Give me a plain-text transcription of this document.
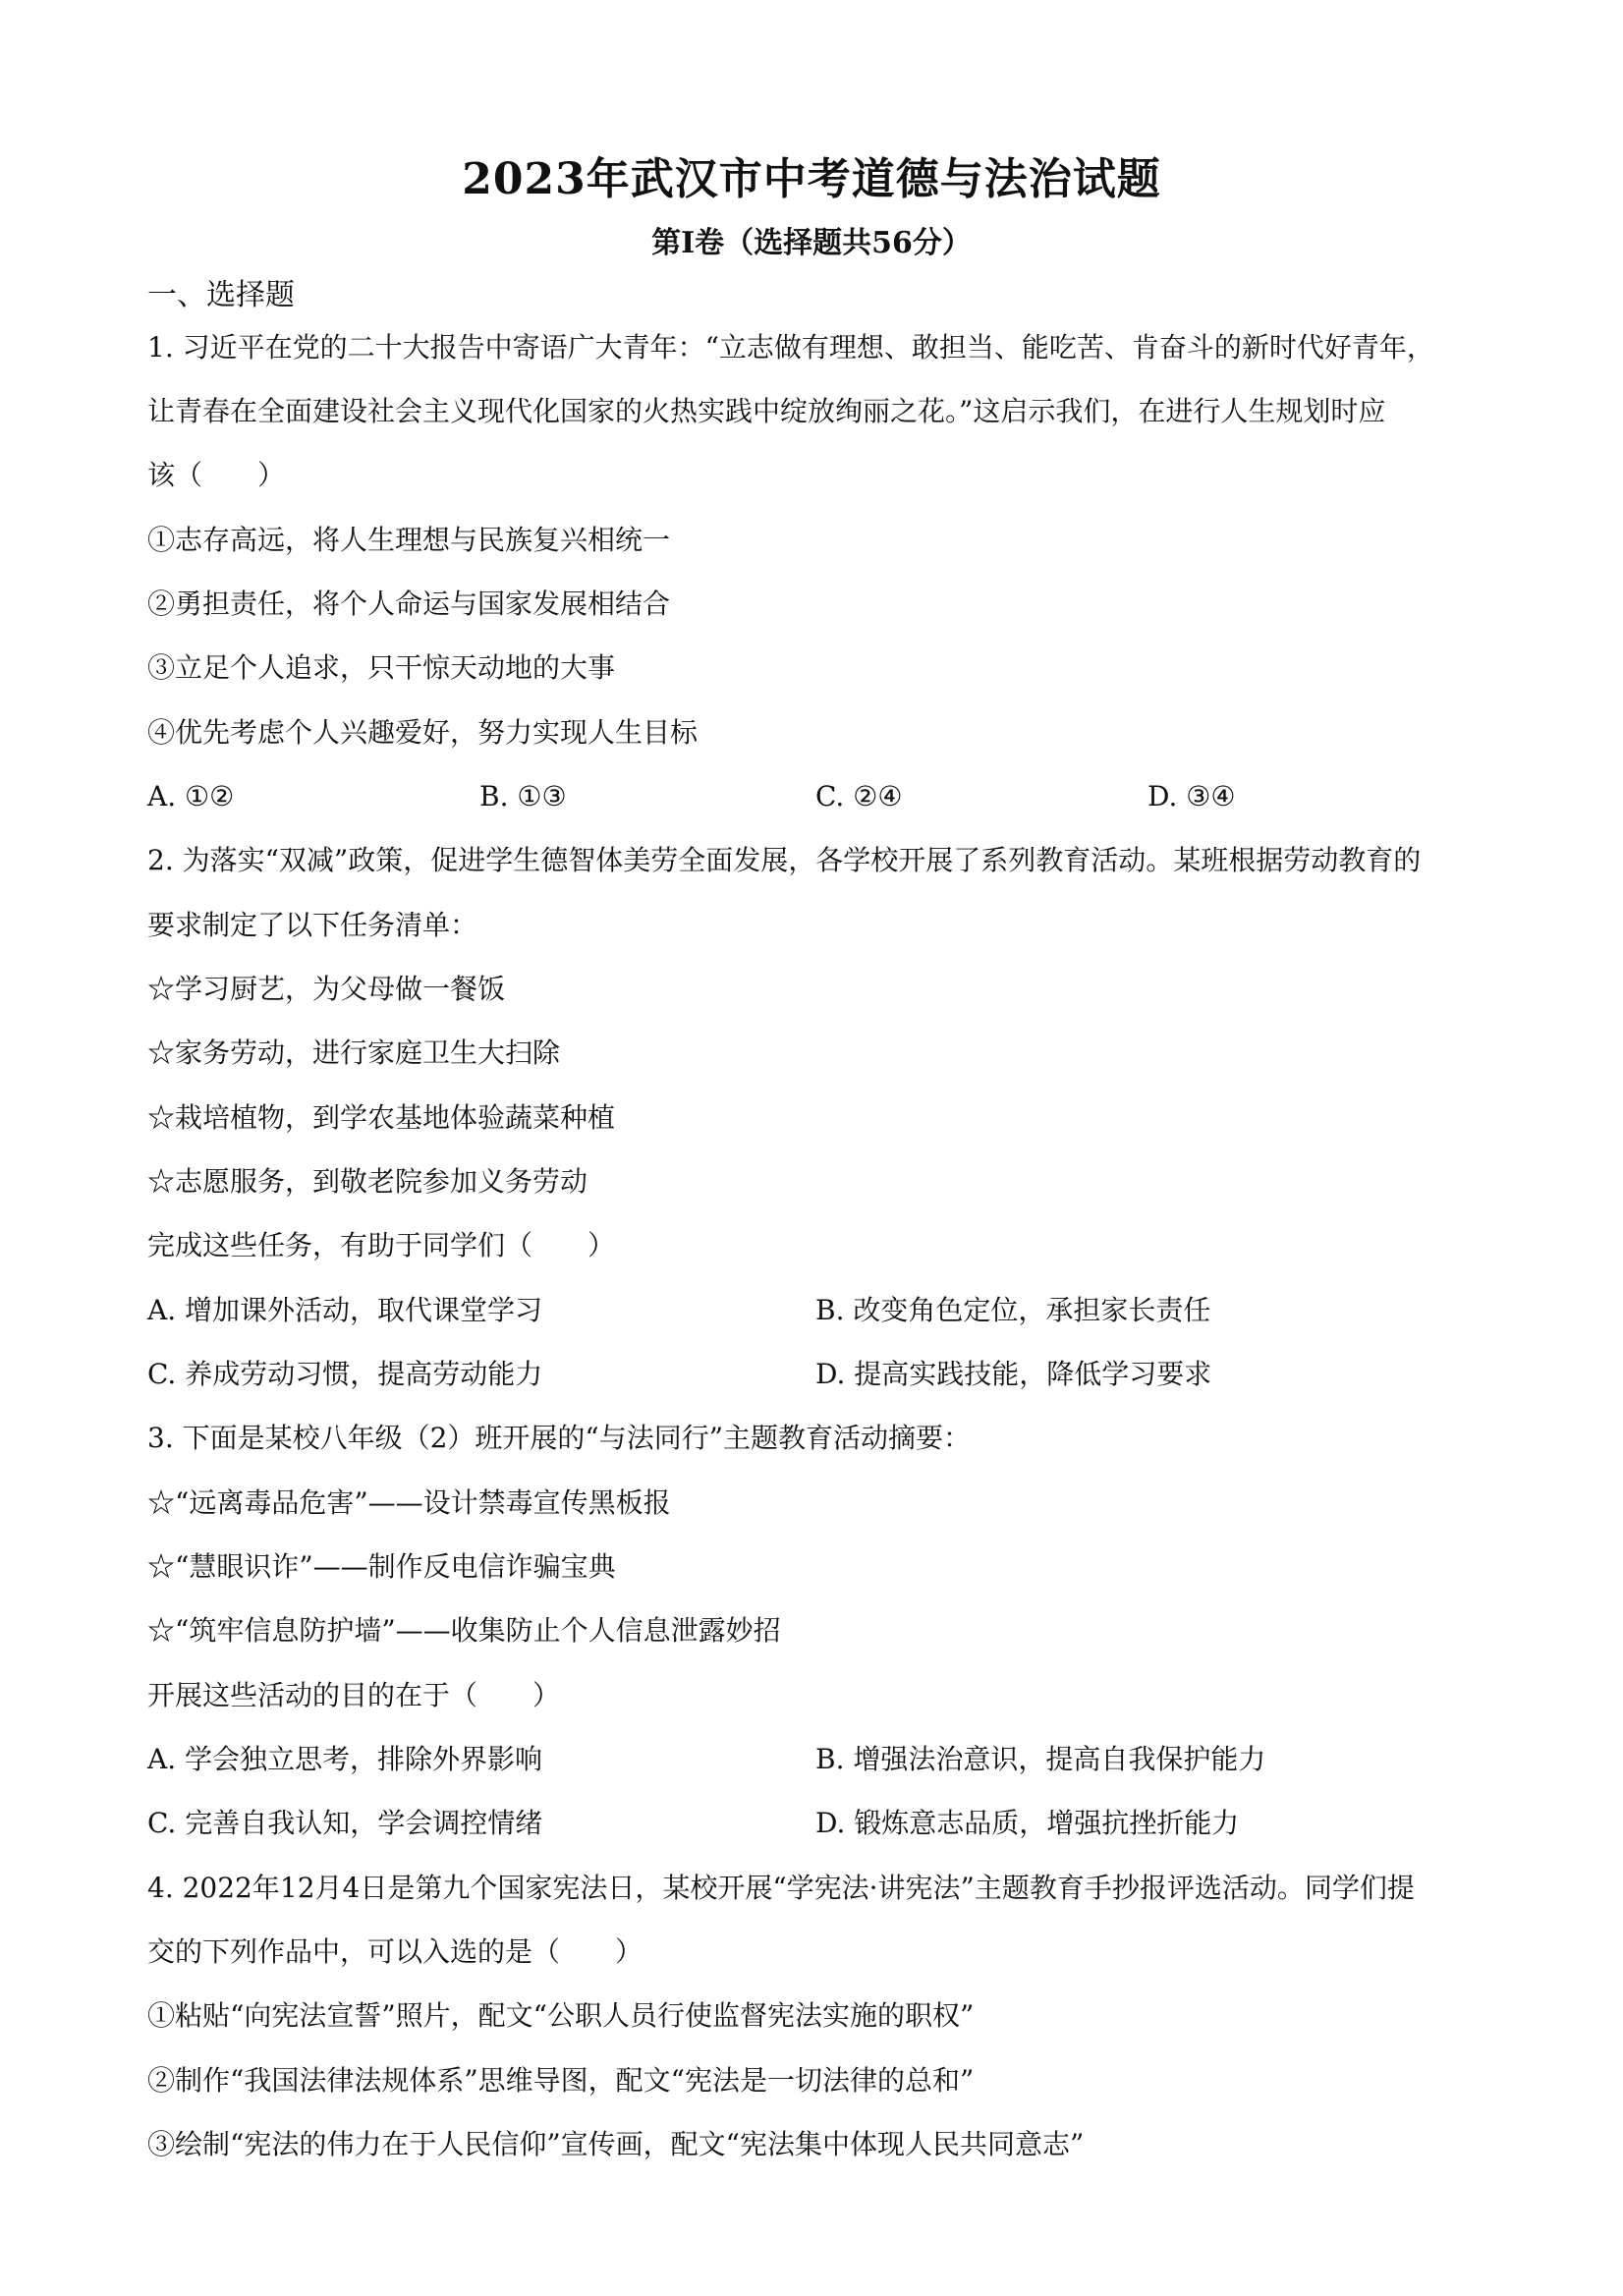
2023年武汉市中考道德与法治试题
第Ⅰ卷（选择题共56分）
一、选择题
1. 习近平在党的二十大报告中寄语广大青年：“立志做有理想、敢担当、能吃苦、肯奋斗的新时代好青年，
让青春在全面建设社会主义现代化国家的火热实践中绽放绚丽之花。”这启示我们，在进行人生规划时应
该（　　）
①志存高远，将人生理想与民族复兴相统一
②勇担责任，将个人命运与国家发展相结合
③立足个人追求，只干惊天动地的大事
④优先考虑个人兴趣爱好，努力实现人生目标
A. ①②	B. ①③	C. ②④	D. ③④
2. 为落实“双减”政策，促进学生德智体美劳全面发展，各学校开展了系列教育活动。某班根据劳动教育的
要求制定了以下任务清单：
☆学习厨艺，为父母做一餐饭
☆家务劳动，进行家庭卫生大扫除
☆栽培植物，到学农基地体验蔬菜种植
☆志愿服务，到敬老院参加义务劳动
完成这些任务，有助于同学们（　　）
A. 增加课外活动，取代课堂学习	B. 改变角色定位，承担家长责任
C. 养成劳动习惯，提高劳动能力	D. 提高实践技能，降低学习要求
3. 下面是某校八年级（2）班开展的“与法同行”主题教育活动摘要：
☆“远离毒品危害”——设计禁毒宣传黑板报
☆“慧眼识诈”——制作反电信诈骗宝典
☆“筑牢信息防护墙”——收集防止个人信息泄露妙招
开展这些活动的目的在于（　　）
A. 学会独立思考，排除外界影响	B. 增强法治意识，提高自我保护能力
C. 完善自我认知，学会调控情绪	D. 锻炼意志品质，增强抗挫折能力
4. 2022年12月4日是第九个国家宪法日，某校开展“学宪法·讲宪法”主题教育手抄报评选活动。同学们提
交的下列作品中，可以入选的是（　　）
①粘贴“向宪法宣誓”照片，配文“公职人员行使监督宪法实施的职权”
②制作“我国法律法规体系”思维导图，配文“宪法是一切法律的总和”
③绘制“宪法的伟力在于人民信仰”宣传画，配文“宪法集中体现人民共同意志”
